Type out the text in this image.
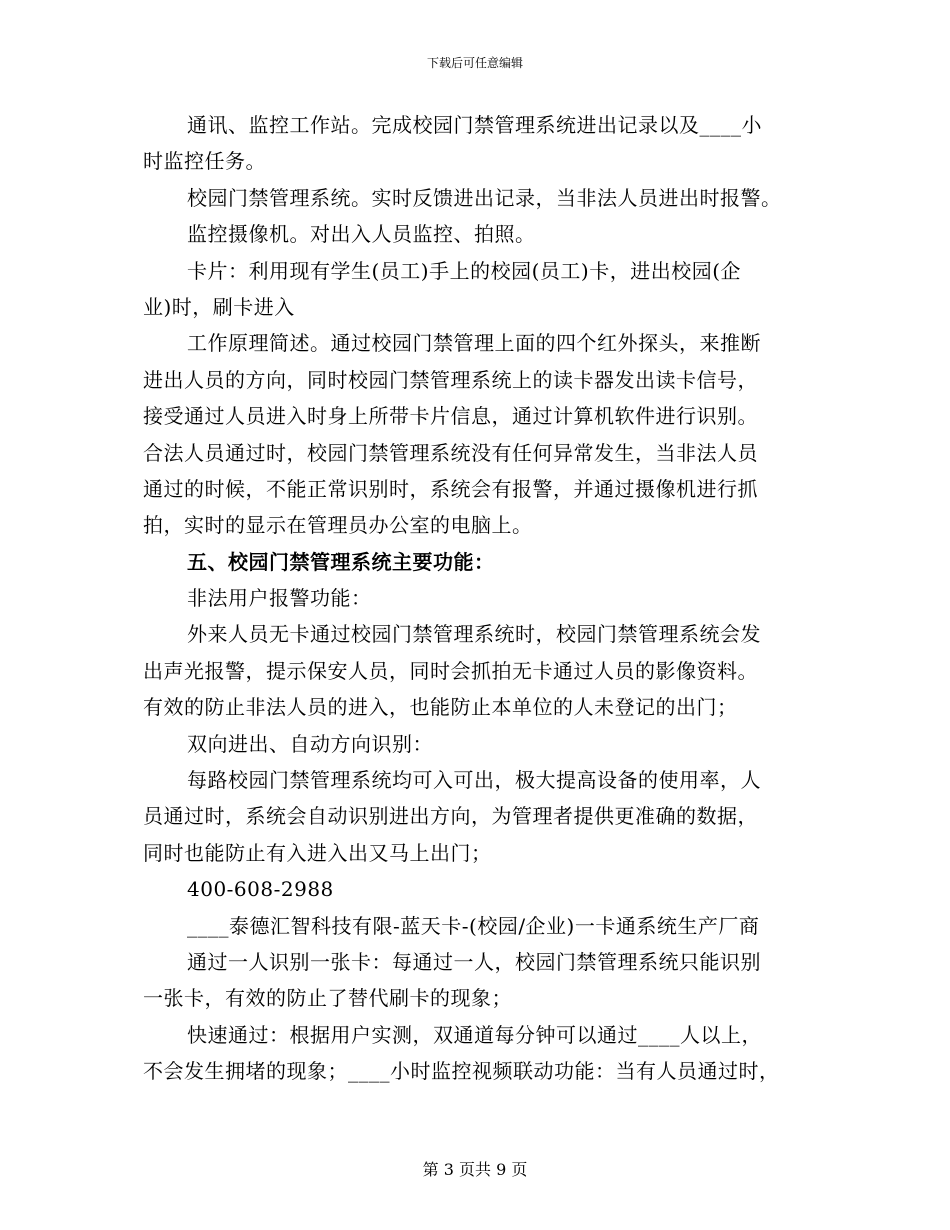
下载后可任意编辑
通讯、监控工作站。完成校园门禁管理系统进出记录以及____小
时监控任务。
校园门禁管理系统。实时反馈进出记录，当非法人员进出时报警。
监控摄像机。对出入人员监控、拍照。
卡片：利用现有学生(员工)手上的校园(员工)卡，进出校园(企
业)时，刷卡进入
工作原理简述。通过校园门禁管理上面的四个红外探头，来推断
进出人员的方向，同时校园门禁管理系统上的读卡器发出读卡信号，
接受通过人员进入时身上所带卡片信息，通过计算机软件进行识别。
合法人员通过时，校园门禁管理系统没有任何异常发生，当非法人员
通过的时候，不能正常识别时，系统会有报警，并通过摄像机进行抓
拍，实时的显示在管理员办公室的电脑上。
五、校园门禁管理系统主要功能：
非法用户报警功能：
外来人员无卡通过校园门禁管理系统时，校园门禁管理系统会发
出声光报警，提示保安人员，同时会抓拍无卡通过人员的影像资料。
有效的防止非法人员的进入，也能防止本单位的人未登记的出门；
双向进出、自动方向识别：
每路校园门禁管理系统均可入可出，极大提高设备的使用率，人
员通过时，系统会自动识别进出方向，为管理者提供更准确的数据，
同时也能防止有入进入出又马上出门；
400-608-2988
____泰德汇智科技有限-蓝天卡-(校园/企业)一卡通系统生产厂商
通过一人识别一张卡：每通过一人，校园门禁管理系统只能识别
一张卡，有效的防止了替代刷卡的现象；
快速通过：根据用户实测，双通道每分钟可以通过____人以上，
不会发生拥堵的现象；____小时监控视频联动功能：当有人员通过时，
第 3 页共 9 页
